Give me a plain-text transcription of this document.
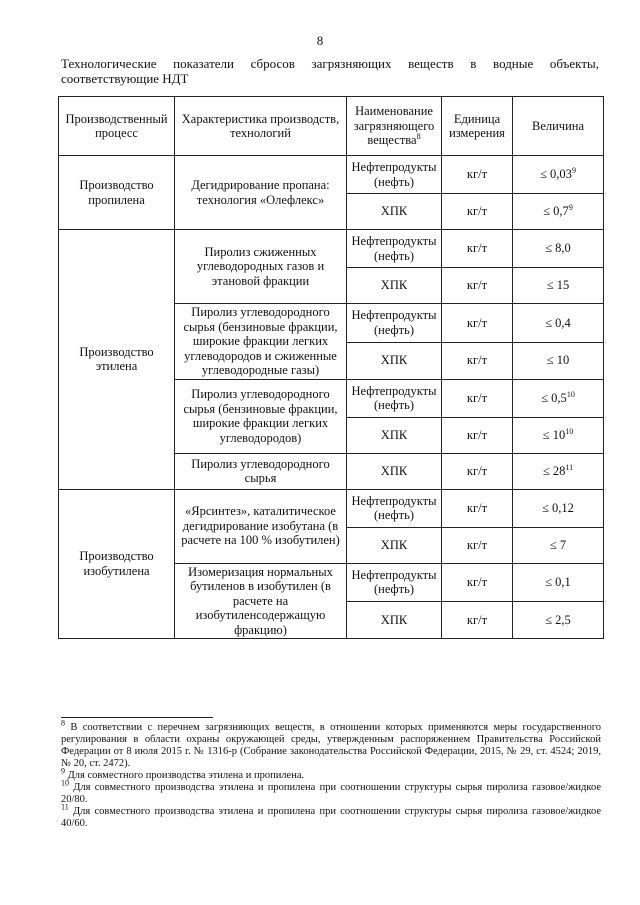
8
Технологические показатели сбросов загрязняющих веществ в водные объекты,
соответствующие НДТ
Производственный процесс	Характеристика производств, технологий	Наименование загрязняющего вещества$^8$	Единица измерения	Величина
Производство пропилена	Дегидрирование пропана: технология «Олефлекс»	Нефтепродукты (нефть)	кг/т	≤ $0,03^9$
		ХПК	кг/т	≤ $0,7^9$
Производство этилена	Пиролиз сжиженных углеводородных газов и этановой фракции	Нефтепродукты (нефть)	кг/т	≤ 8,0
		ХПК	кг/т	≤ 15
	Пиролиз углеводородного сырья (бензиновые фракции, широкие фракции легких углеводородов и сжиженные углеводородные газы)	Нефтепродукты (нефть)	кг/т	≤ 0,4
		ХПК	кг/т	≤ 10
	Пиролиз углеводородного сырья (бензиновые фракции, широкие фракции легких углеводородов)	Нефтепродукты (нефть)	кг/т	≤ $0,5^{10}$
		ХПК	кг/т	≤ $10^{10}$
	Пиролиз углеводородного сырья	ХПК	кг/т	≤ $28^{11}$
Производство изобутилена	«Ярсинтез», каталитическое дегидрирование изобутана (в расчете на 100 % изобутилен)	Нефтепродукты (нефть)	кг/т	≤ 0,12
		ХПК	кг/т	≤ 7
	Изомеризация нормальных бутиленов в изобутилен (в расчете на изобутиленсодержащую фракцию)	Нефтепродукты (нефть)	кг/т	≤ 0,1
		ХПК	кг/т	≤ 2,5

$^8$ В соответствии с перечнем загрязняющих веществ, в отношении которых применяются меры государственного регулирования в области охраны окружающей среды, утвержденным распоряжением Правительства Российской Федерации от 8 июля 2015 г. № 1316-р (Собрание законодательства Российской Федерации, 2015, № 29, ст. 4524; 2019, № 20, ст. 2472).

$^9$ Для совместного производства этилена и пропилена.

$^{10}$ Для совместного производства этилена и пропилена при соотношении структуры сырья пиролиза газовое/жидкое 20/80.

$^{11}$ Для совместного производства этилена и пропилена при соотношении структуры сырья пиролиза газовое/жидкое 40/60.
